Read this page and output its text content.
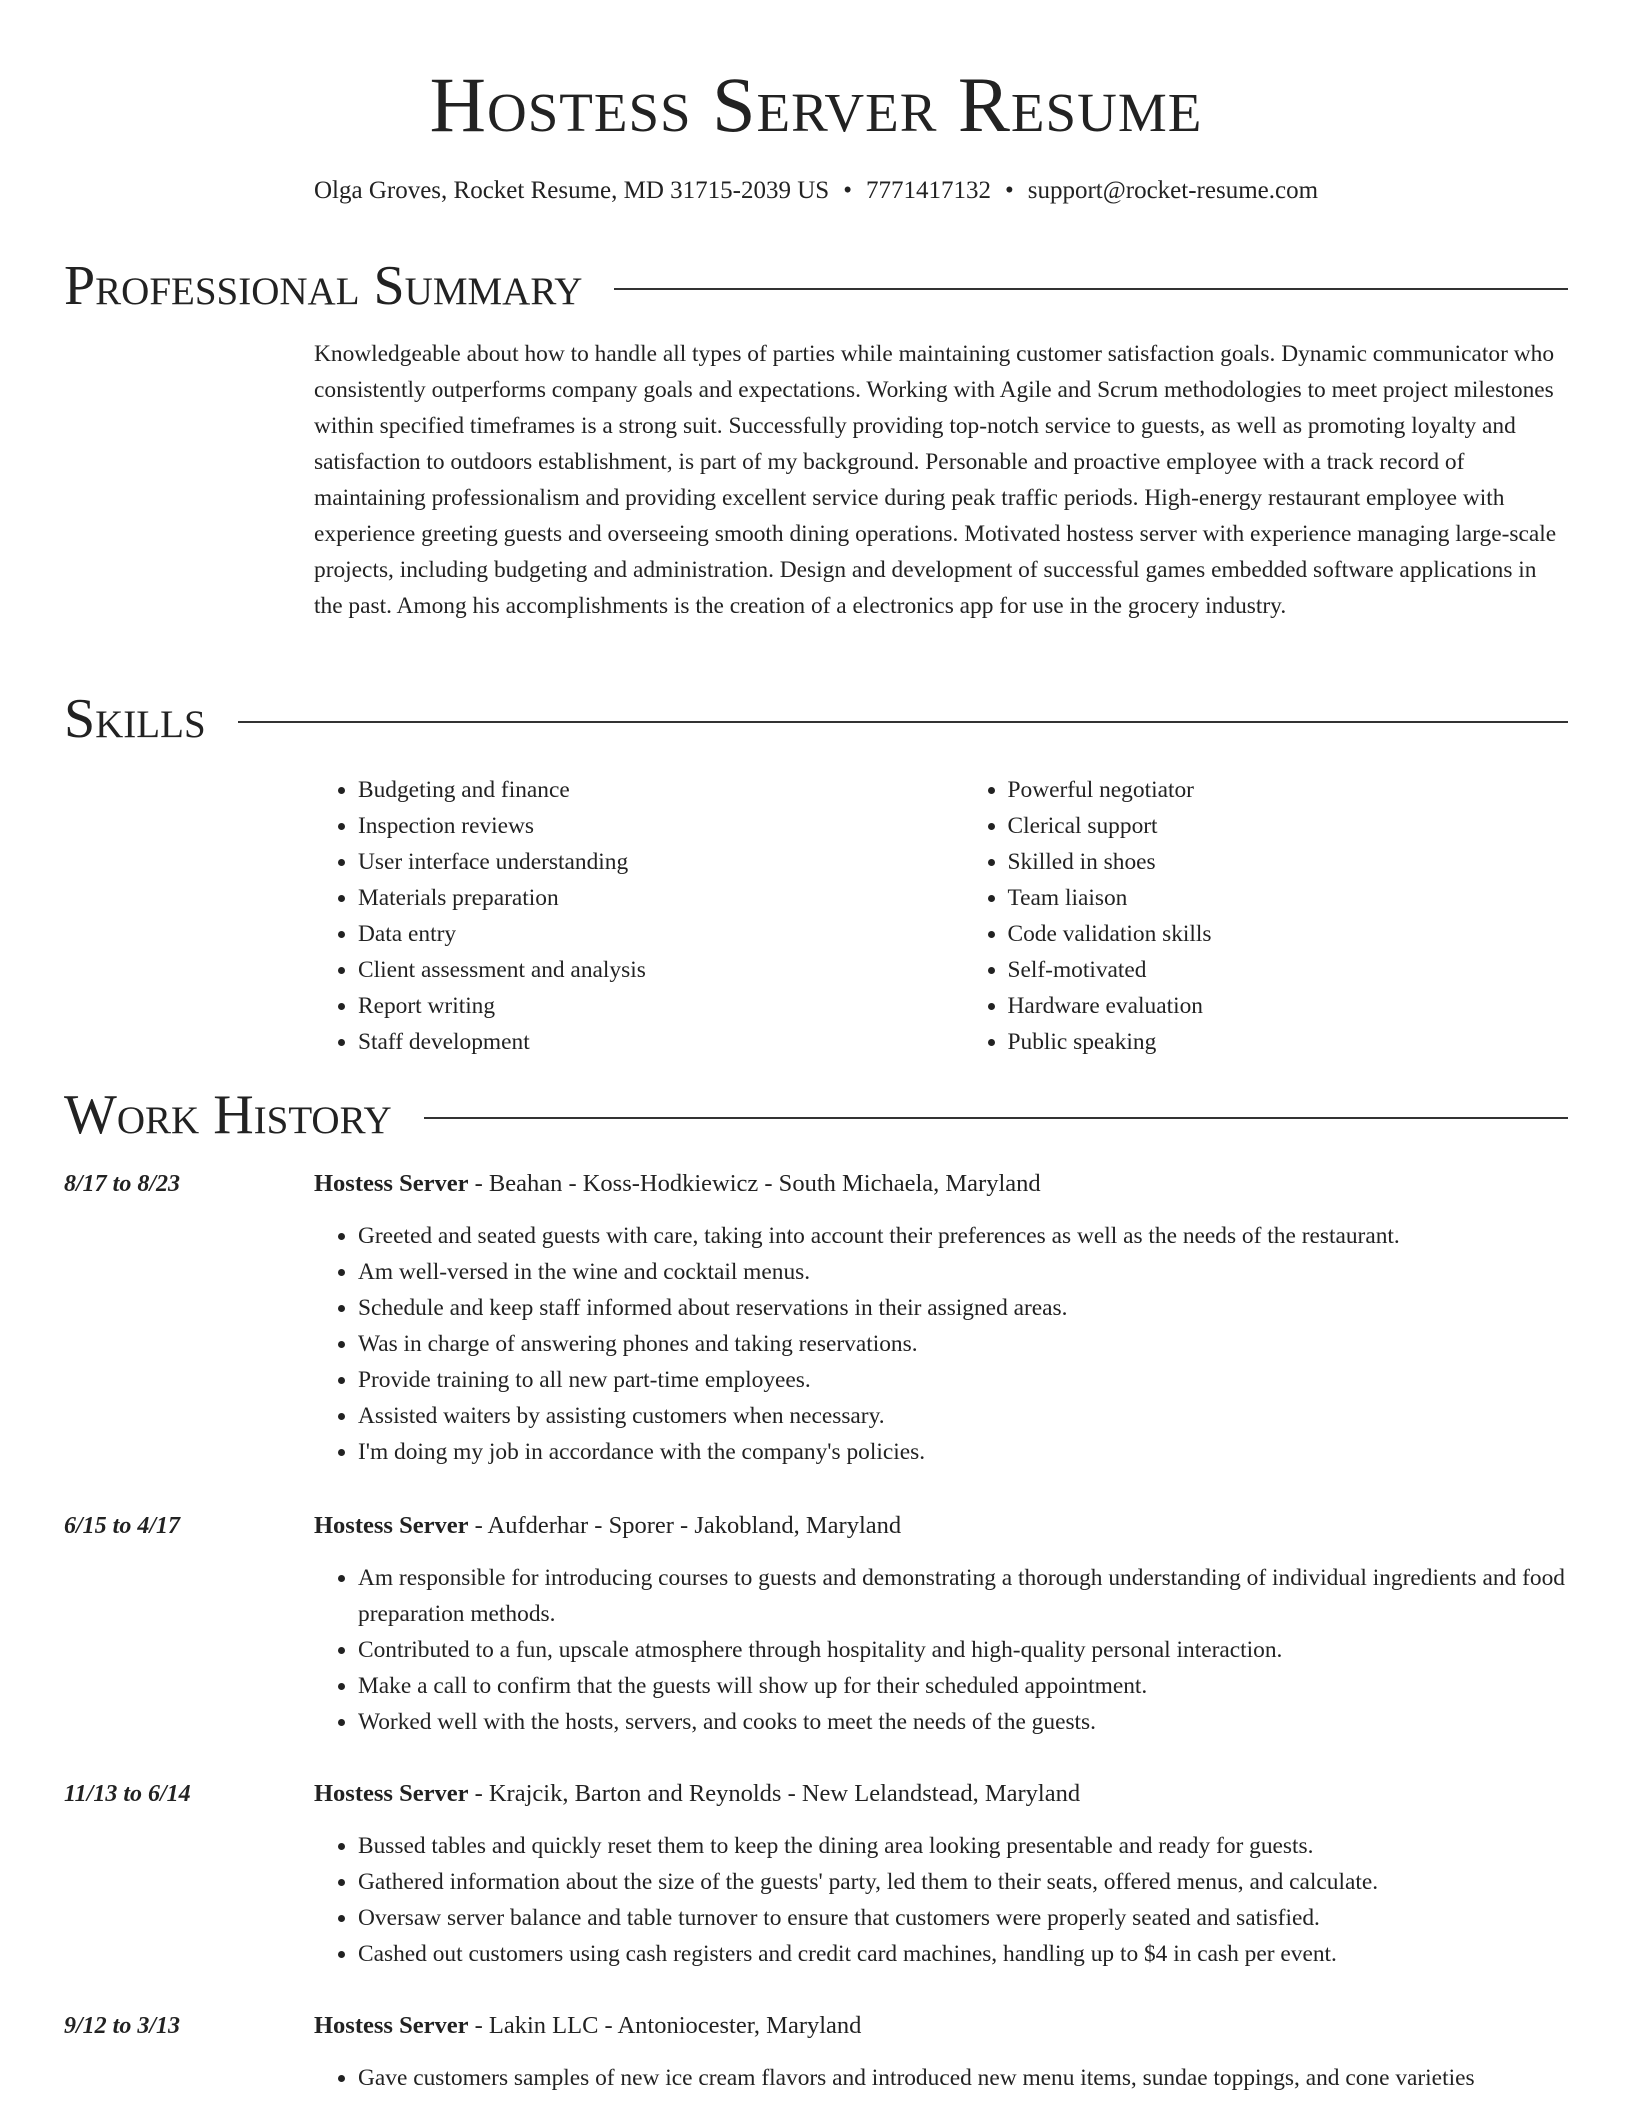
Hostess Server Resume
Olga Groves, Rocket Resume, MD 31715-2039 US • 7771417132 • support@rocket-resume.com
Professional Summary

Knowledgeable about how to handle all types of parties while maintaining customer satisfaction goals. Dynamic communicator who consistently outperforms company goals and expectations. Working with Agile and Scrum methodologies to meet project milestones within specified timeframes is a strong suit. Successfully providing top-notch service to guests, as well as promoting loyalty and satisfaction to outdoors establishment, is part of my background. Personable and proactive employee with a track record of maintaining professionalism and providing excellent service during peak traffic periods. High-energy restaurant employee with experience greeting guests and overseeing smooth dining operations. Motivated hostess server with experience managing large-scale projects, including budgeting and administration. Design and development of successful games embedded software applications in the past. Among his accomplishments is the creation of a electronics app for use in the grocery industry.

Skills
• Budgeting and finance
• Inspection reviews
• User interface understanding
• Materials preparation
• Data entry
• Client assessment and analysis
• Report writing
• Staff development
• Powerful negotiator
• Clerical support
• Skilled in shoes
• Team liaison
• Code validation skills
• Self-motivated
• Hardware evaluation
• Public speaking
Work History
8/17 to 8/23	Hostess Server - Beahan - Koss-Hodkiewicz - South Michaela, Maryland
• Greeted and seated guests with care, taking into account their preferences as well as the needs of the restaurant.
• Am well-versed in the wine and cocktail menus.
• Schedule and keep staff informed about reservations in their assigned areas.
• Was in charge of answering phones and taking reservations.
• Provide training to all new part-time employees.
• Assisted waiters by assisting customers when necessary.
• I'm doing my job in accordance with the company's policies.
6/15 to 4/17	Hostess Server - Aufderhar - Sporer - Jakobland, Maryland
• Am responsible for introducing courses to guests and demonstrating a thorough understanding of individual ingredients and food preparation methods.
• Contributed to a fun, upscale atmosphere through hospitality and high-quality personal interaction.
• Make a call to confirm that the guests will show up for their scheduled appointment.
• Worked well with the hosts, servers, and cooks to meet the needs of the guests.
11/13 to 6/14	Hostess Server - Krajcik, Barton and Reynolds - New Lelandstead, Maryland
• Bussed tables and quickly reset them to keep the dining area looking presentable and ready for guests.
• Gathered information about the size of the guests' party, led them to their seats, offered menus, and calculate.
• Oversaw server balance and table turnover to ensure that customers were properly seated and satisfied.
• Cashed out customers using cash registers and credit card machines, handling up to $4 in cash per event.
9/12 to 3/13	Hostess Server - Lakin LLC - Antoniocester, Maryland
• Gave customers samples of new ice cream flavors and introduced new menu items, sundae toppings, and cone varieties
